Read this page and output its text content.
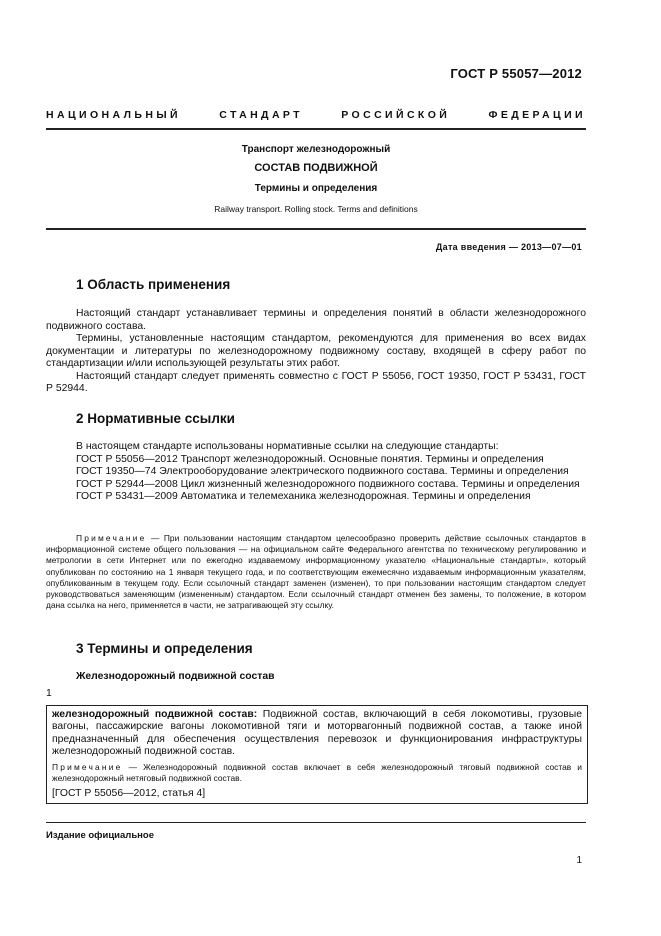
ГОСТ Р 55057—2012
НАЦИОНАЛЬНЫЙ	СТАНДАРТ	РОССИЙСКОЙ	ФЕДЕРАЦИИ
Транспорт железнодорожный
СОСТАВ ПОДВИЖНОЙ
Термины и определения
Railway transport. Rolling stock. Terms and definitions
Дата введения — 2013—07—01
1 Область применения

Настоящий стандарт устанавливает термины и определения понятий в области железнодорожного подвижного состава.

Термины, установленные настоящим стандартом, рекомендуются для применения во всех видах документации и литературы по железнодорожному подвижному составу, входящей в сферу работ по стандартизации и/или использующей результаты этих работ.

Настоящий стандарт следует применять совместно с ГОСТ Р 55056, ГОСТ 19350, ГОСТ Р 53431, ГОСТ Р 52944.

2 Нормативные ссылки

В настоящем стандарте использованы нормативные ссылки на следующие стандарты:

ГОСТ Р 55056—2012 Транспорт железнодорожный. Основные понятия. Термины и определения

ГОСТ 19350—74 Электрооборудование электрического подвижного состава. Термины и определения

ГОСТ Р 52944—2008 Цикл жизненный железнодорожного подвижного состава. Термины и определения

ГОСТ Р 53431—2009 Автоматика и телемеханика железнодорожная. Термины и определения

Примечание — При пользовании настоящим стандартом целесообразно проверить действие ссылочных стандартов в информационной системе общего пользования — на официальном сайте Федерального агентства по техническому регулированию и метрологии в сети Интернет или по ежегодно издаваемому информационному указателю «Национальные стандарты», который опубликован по состоянию на 1 января текущего года, и по соответствующим ежемесячно издаваемым информационным указателям, опубликованным в текущем году. Если ссылочный стандарт заменен (изменен), то при пользовании настоящим стандартом следует руководствоваться заменяющим (измененным) стандартом. Если ссылочный стандарт отменен без замены, то положение, в котором дана ссылка на него, применяется в части, не затрагивающей эту ссылку.

3 Термины и определения
Железнодорожный подвижной состав
1

железнодорожный подвижной состав: Подвижной состав, включающий в себя локомотивы, грузовые вагоны, пассажирские вагоны локомотивной тяги и моторвагонный подвижной состав, а также иной предназначенный для обеспечения осуществления перевозок и функционирования инфраструктуры железнодорожный подвижной состав.

Примечание — Железнодорожный подвижной состав включает в себя железнодорожный тяговый подвижной состав и железнодорожный нетяговый подвижной состав.

[ГОСТ Р 55056—2012, статья 4]

Издание официальное
1
